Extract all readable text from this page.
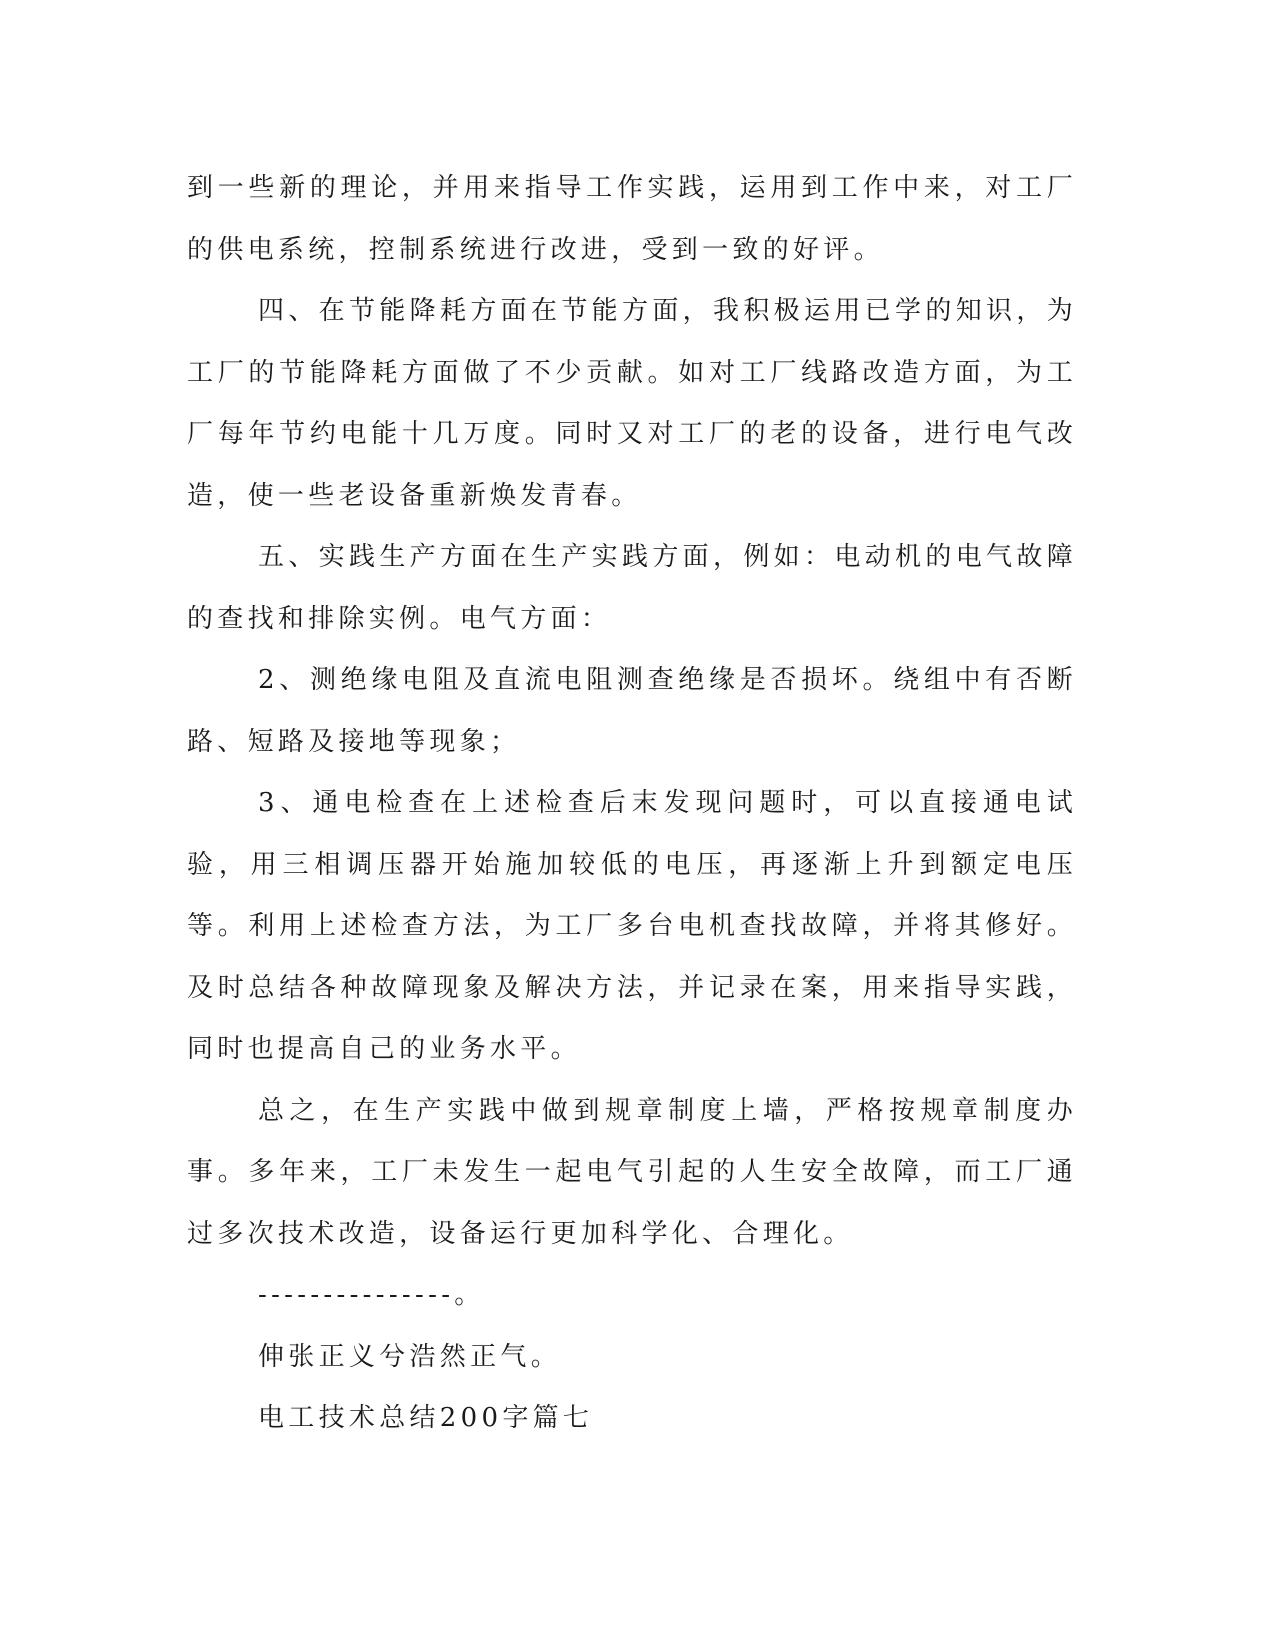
到一些新的理论，并用来指导工作实践，运用到工作中来，对工厂的供电系统，控制系统进行改进，受到一致的好评。

四、在节能降耗方面在节能方面，我积极运用已学的知识，为工厂的节能降耗方面做了不少贡献。如对工厂线路改造方面，为工厂每年节约电能十几万度。同时又对工厂的老的设备，进行电气改造，使一些老设备重新焕发青春。

五、实践生产方面在生产实践方面，例如：电动机的电气故障的查找和排除实例。电气方面：

2、测绝缘电阻及直流电阻测查绝缘是否损坏。绕组中有否断路、短路及接地等现象；

3、通电检查在上述检查后末发现问题时，可以直接通电试验，用三相调压器开始施加较低的电压，再逐渐上升到额定电压等。利用上述检查方法，为工厂多台电机查找故障，并将其修好。及时总结各种故障现象及解决方法，并记录在案，用来指导实践，同时也提高自己的业务水平。

总之，在生产实践中做到规章制度上墙，严格按规章制度办事。多年来，工厂未发生一起电气引起的人生安全故障，而工厂通过多次技术改造，设备运行更加科学化、合理化。

---------------。

伸张正义兮浩然正气。

电工技术总结200字篇七
